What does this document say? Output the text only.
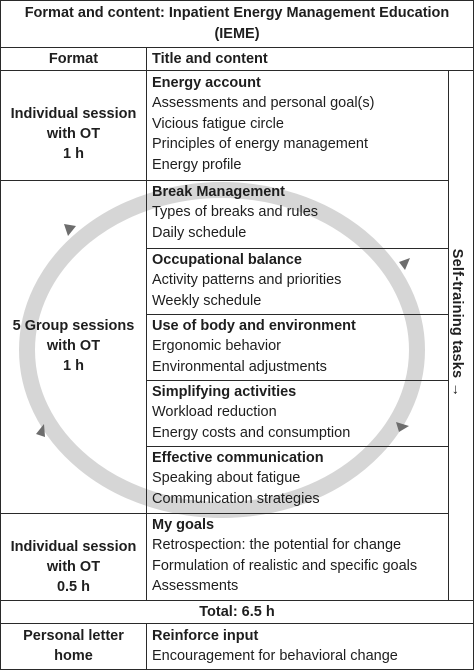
Format and content: Inpatient Energy Management Education (IEME)
Format	Title and content
Individual session
with OT
1 h
Energy account
Assessments and personal goal(s)
Vicious fatigue circle
Principles of energy management
Energy profile
5 Group sessions
with OT
1 h
Break Management
Types of breaks and rules
Daily schedule
Occupational balance
Activity patterns and priorities
Weekly schedule
Use of body and environment
Ergonomic behavior
Environmental adjustments
Simplifying activities
Workload reduction
Energy costs and consumption
Effective communication
Speaking about fatigue
Communication strategies
Individual session
with OT
0.5 h
My goals
Retrospection: the potential for change
Formulation of realistic and specific goals
Assessments
Total: 6.5 h
Personal letter
home
Reinforce input
Encouragement for behavioral change
Self-training tasks →
